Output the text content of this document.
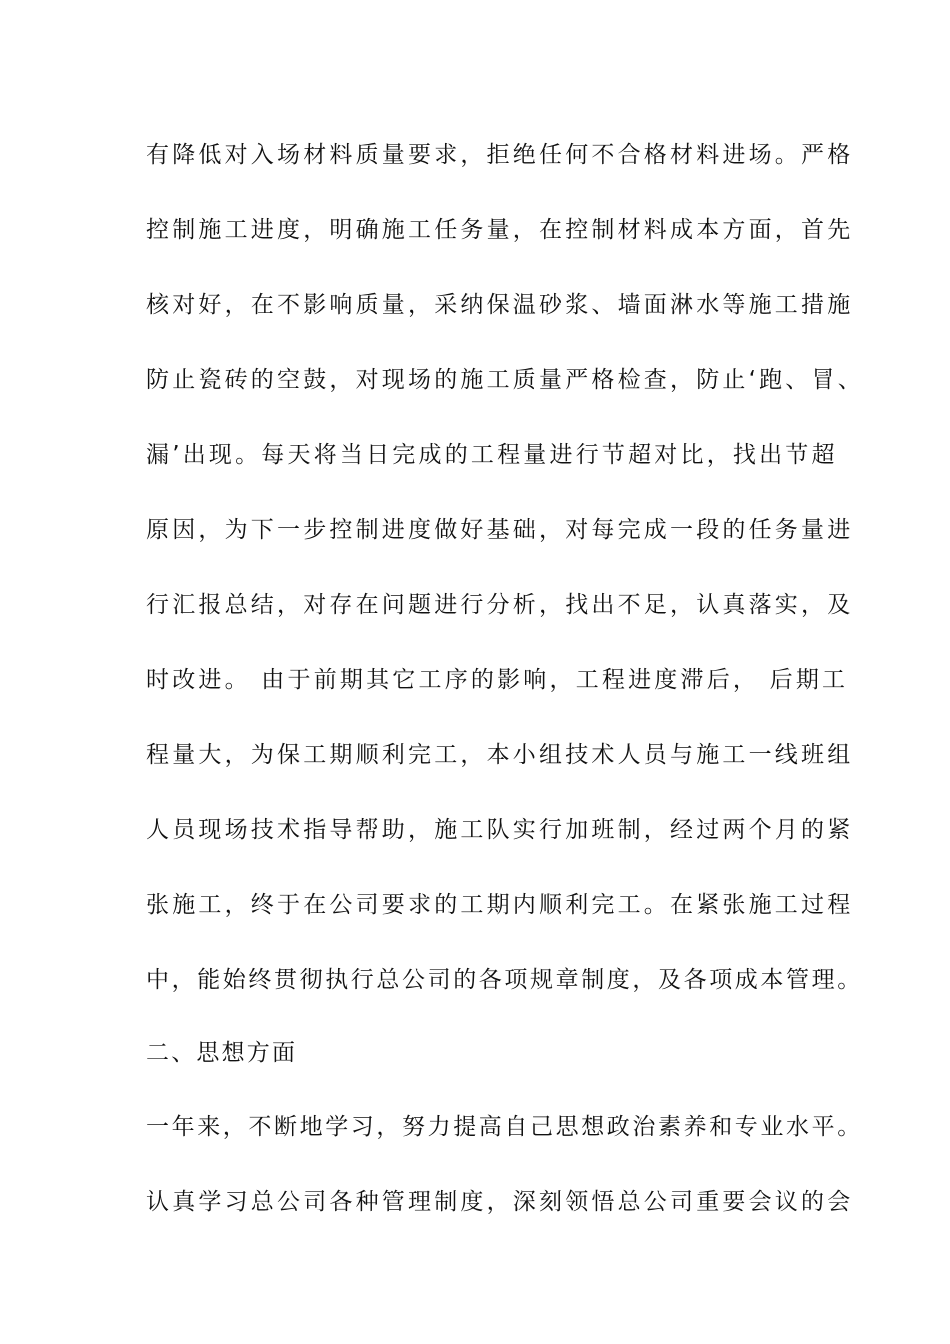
有降低对入场材料质量要求，拒绝任何不合格材料进场。严格
控制施工进度，明确施工任务量，在控制材料成本方面，首先
核对好，在不影响质量，采纳保温砂浆、墙面淋水等施工措施
防止瓷砖的空鼓，对现场的施工质量严格检查，防止‘跑、冒、
漏’出现。每天将当日完成的工程量进行节超对比，找出节超
原因，为下一步控制进度做好基础，对每完成一段的任务量进
行汇报总结，对存在问题进行分析，找出不足，认真落实，及
时改进。 由于前期其它工序的影响，工程进度滞后， 后期工
程量大，为保工期顺利完工，本小组技术人员与施工一线班组
人员现场技术指导帮助，施工队实行加班制，经过两个月的紧
张施工，终于在公司要求的工期内顺利完工。在紧张施工过程
中，能始终贯彻执行总公司的各项规章制度，及各项成本管理。
二、思想方面
一年来，不断地学习，努力提高自己思想政治素养和专业水平。
认真学习总公司各种管理制度，深刻领悟总公司重要会议的会
